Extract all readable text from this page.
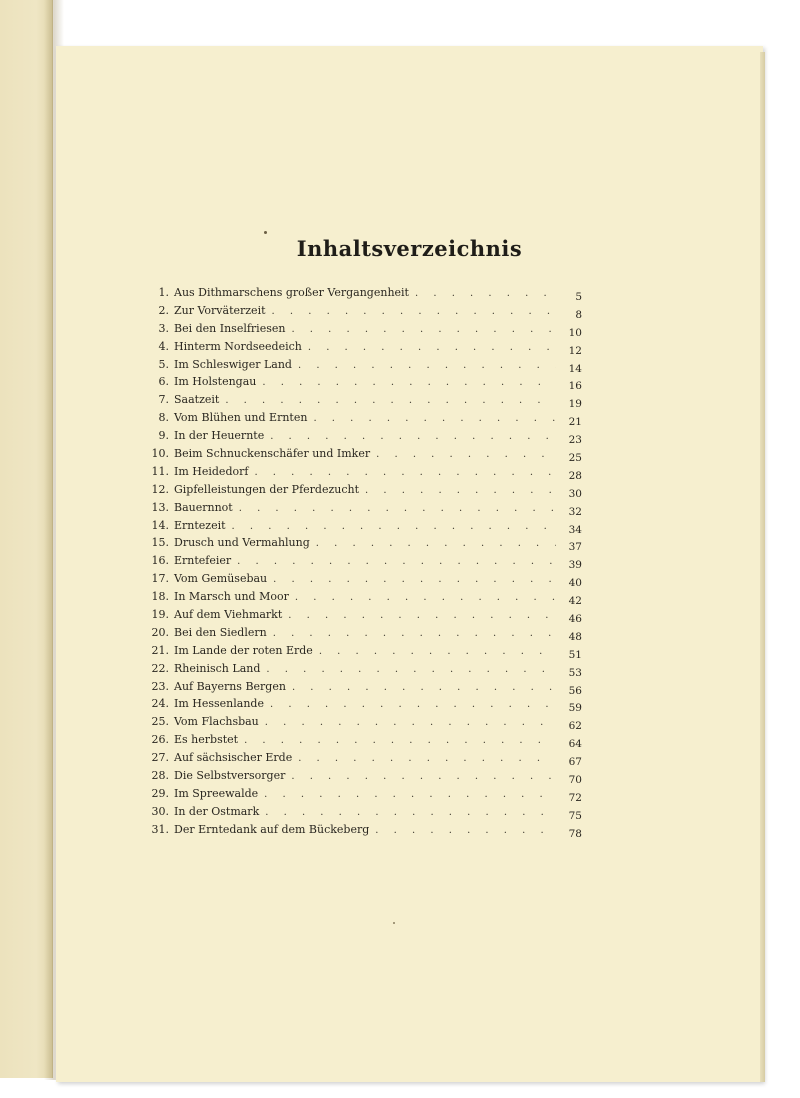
Inhaltsverzeichnis
1. Aus Dithmarschens großer Vergangenheit . . .	5
2. Zur Vorväterzeit . . .	8
3. Bei den Inselfriesen . . .	10
4. Hinterm Nordseedeich . . .	12
5. Im Schleswiger Land . . .	14
6. Im Holstengau . . .	16
7. Saatzeit . . .	19
8. Vom Blühen und Ernten . . .	21
9. In der Heuernte . . .	23
10. Beim Schnuckenschäfer und Imker . . .	25
11. Im Heidedorf . . .	28
12. Gipfelleistungen der Pferdezucht . . .	30
13. Bauernnot . . .	32
14. Erntezeit . . .	34
15. Drusch und Vermahlung . . .	37
16. Erntefeier . . .	39
17. Vom Gemüsebau . . .	40
18. In Marsch und Moor . . .	42
19. Auf dem Viehmarkt . . .	46
20. Bei den Siedlern . . .	48
21. Im Lande der roten Erde . . .	51
22. Rheinisch Land . . .	53
23. Auf Bayerns Bergen . . .	56
24. Im Hessenlande . . .	59
25. Vom Flachsbau . . .	62
26. Es herbstet . . .	64
27. Auf sächsischer Erde . . .	67
28. Die Selbstversorger . . .	70
29. Im Spreewalde . . .	72
30. In der Ostmark . . .	75
31. Der Erntedank auf dem Bückeberg . . .	78
